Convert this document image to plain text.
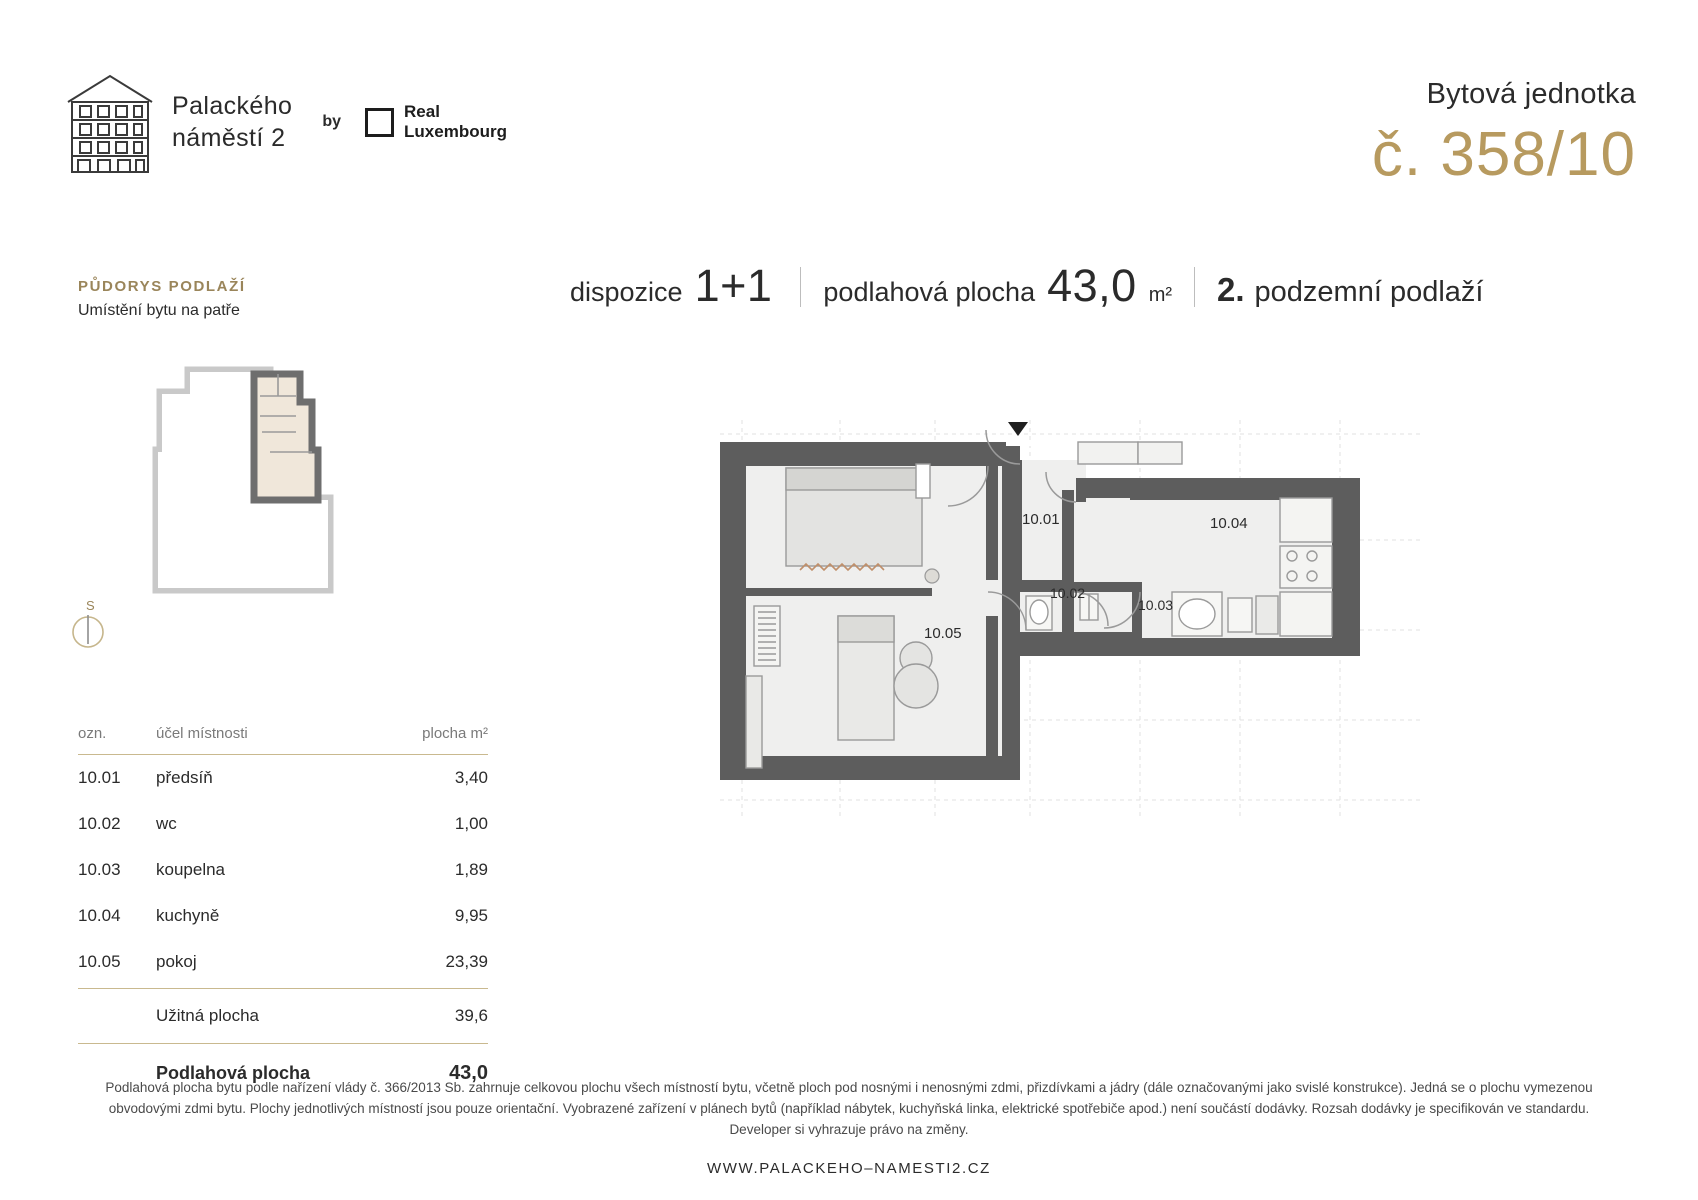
Palackého
náměstí 2
by
Real
Luxembourg
Bytová jednotka
č. 358/10
dispozice 1+1 podlahová plocha 43,0 m² 2. podzemní podlaží
PŮDORYS PODLAŽÍ
Umístění bytu na patře
S
ozn.	účel místnosti	plocha m²
10.01	předsíň	3,40
10.02	wc	1,00
10.03	koupelna	1,89
10.04	kuchyně	9,95
10.05	pokoj	23,39
	Užitná plocha	39,6
	Podlahová plocha	43,0
10.01
10.02
10.03
10.04
10.05
Podlahová plocha bytu podle nařízení vlády č. 366/2013 Sb. zahrnuje celkovou plochu všech místností bytu, včetně ploch pod nosnými i nenosnými zdmi, přizdívkami a jádry (dále označovanými jako svislé konstrukce). Jedná se o plochu vymezenou obvodovými zdmi bytu. Plochy jednotlivých místností jsou pouze orientační. Vyobrazené zařízení v plánech bytů (například nábytek, kuchyňská linka, elektrické spotřebiče apod.) není součástí dodávky. Rozsah dodávky je specifikován ve standardu. Developer si vyhrazuje právo na změny.
WWW.PALACKEHO–NAMESTI2.CZ
